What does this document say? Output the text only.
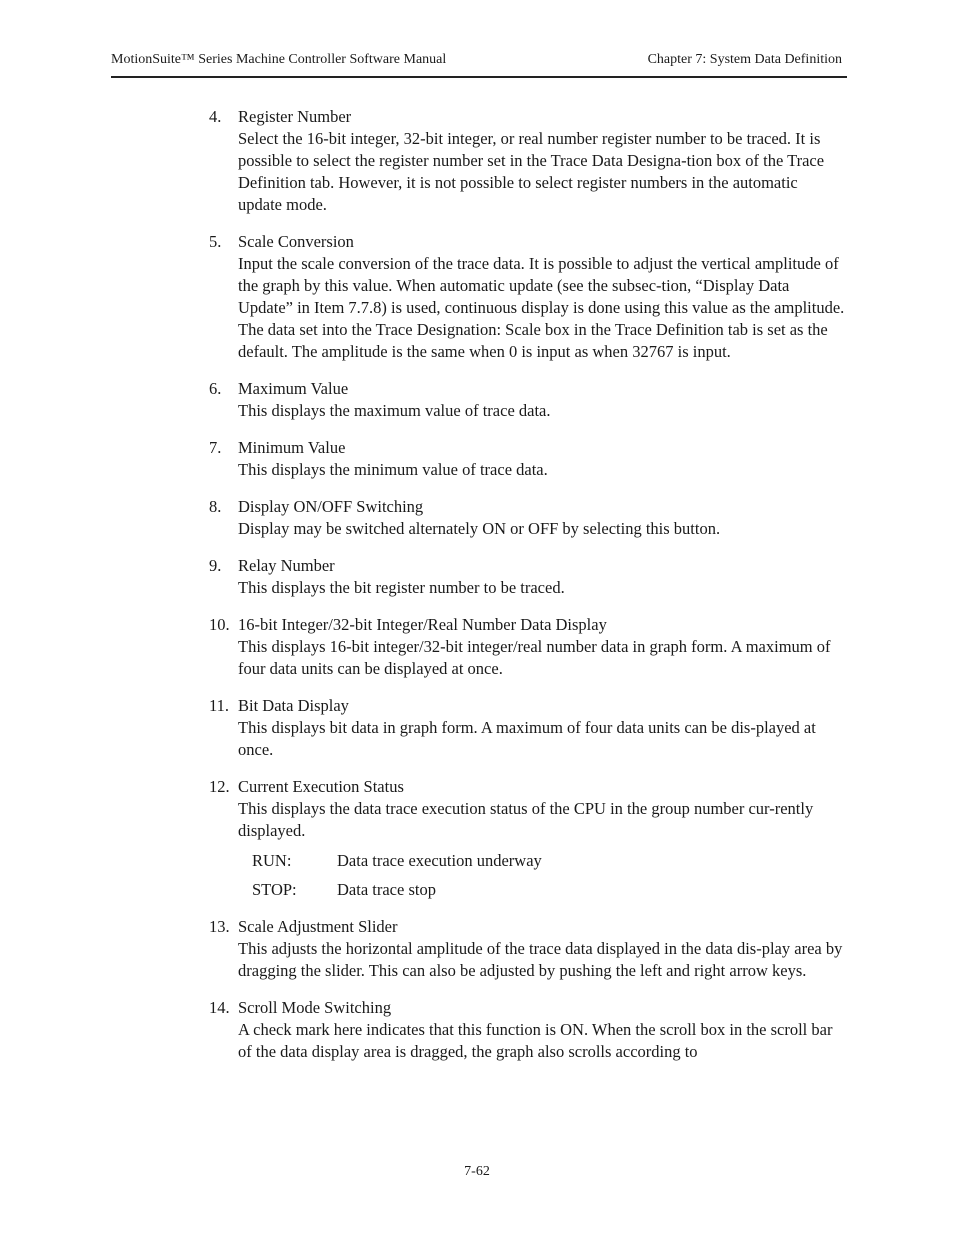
MotionSuite™ Series Machine Controller Software Manual	Chapter 7: System Data Definition
4. Register Number
Select the 16-bit integer, 32-bit integer, or real number register number to be traced. It is possible to select the register number set in the Trace Data Designa-tion box of the Trace Definition tab. However, it is not possible to select register numbers in the automatic update mode.
5. Scale Conversion
Input the scale conversion of the trace data. It is possible to adjust the vertical amplitude of the graph by this value. When automatic update (see the subsec-tion, “Display Data Update” in Item 7.7.8) is used, continuous display is done using this value as the amplitude. The data set into the Trace Designation: Scale box in the Trace Definition tab is set as the default. The amplitude is the same when 0 is input as when 32767 is input.
6. Maximum Value
This displays the maximum value of trace data.
7. Minimum Value
This displays the minimum value of trace data.
8. Display ON/OFF Switching
Display may be switched alternately ON or OFF by selecting this button.
9. Relay Number
This displays the bit register number to be traced.
10. 16-bit Integer/32-bit Integer/Real Number Data Display
This displays 16-bit integer/32-bit integer/real number data in graph form. A maximum of four data units can be displayed at once.
11. Bit Data Display
This displays bit data in graph form. A maximum of four data units can be dis-played at once.
12. Current Execution Status
This displays the data trace execution status of the CPU in the group number cur-rently displayed.
RUN:	Data trace execution underway
STOP: Data trace stop
13. Scale Adjustment Slider
This adjusts the horizontal amplitude of the trace data displayed in the data dis-play area by dragging the slider. This can also be adjusted by pushing the left and right arrow keys.
14. Scroll Mode Switching
A check mark here indicates that this function is ON. When the scroll box in the scroll bar of the data display area is dragged, the graph also scrolls according to
7-62
